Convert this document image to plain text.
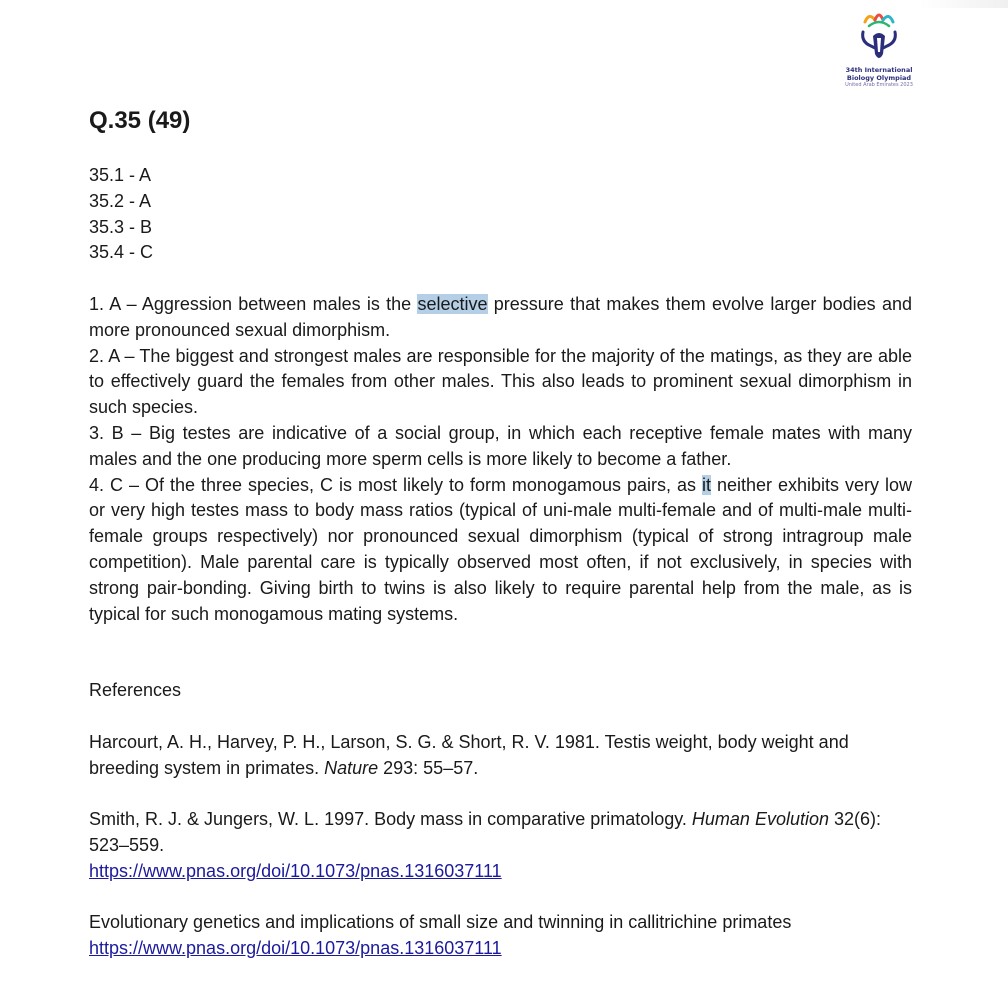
34th International
Biology Olympiad
United Arab Emirates 2023
Q.35 (49)

35.1 - A

35.2 - A

35.3 - B

35.4 - C

1. A – Aggression between males is the selective pressure that makes them evolve larger bodies and more pronounced sexual dimorphism.

2. A – The biggest and strongest males are responsible for the majority of the matings, as they are able to effectively guard the females from other males. This also leads to prominent sexual dimorphism in such species.

3. B – Big testes are indicative of a social group, in which each receptive female mates with many males and the one producing more sperm cells is more likely to become a father.

4. C – Of the three species, C is most likely to form monogamous pairs, as it neither exhibits very low or very high testes mass to body mass ratios (typical of uni-male multi-female and of multi-male multi-female groups respectively) nor pronounced sexual dimorphism (typical of strong intragroup male competition). Male parental care is typically observed most often, if not exclusively, in species with strong pair-bonding. Giving birth to twins is also likely to require parental help from the male, as is typical for such monogamous mating systems.

References

Harcourt, A. H., Harvey, P. H., Larson, S. G. & Short, R. V. 1981. Testis weight, body weight and breeding system in primates. Nature 293: 55–57.

Smith, R. J. & Jungers, W. L. 1997. Body mass in comparative primatology. Human Evolution 32(6): 523–559.

https://www.pnas.org/doi/10.1073/pnas.1316037111

Evolutionary genetics and implications of small size and twinning in callitrichine primates

https://www.pnas.org/doi/10.1073/pnas.1316037111
